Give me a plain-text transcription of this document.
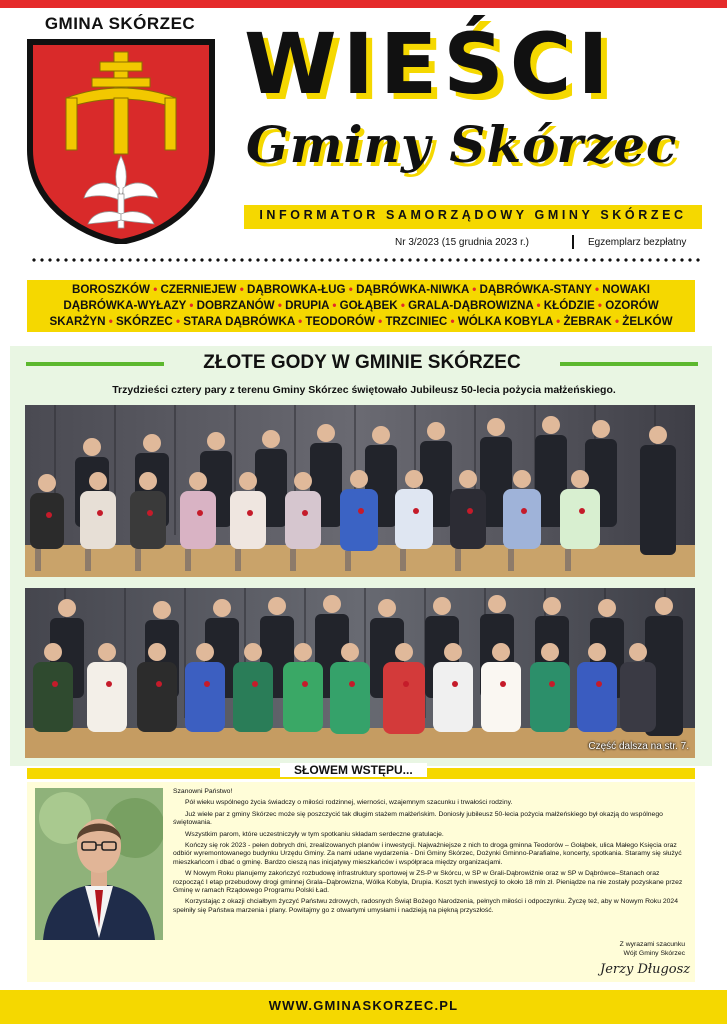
GMINA SKÓRZEC WIEŚCI
Gminy Skórzec
INFORMATOR SAMORZĄDOWY GMINY SKÓRZEC
Nr 3/2023 (15 grudnia 2023 r.)	Egzemplarz bezpłatny
BOROSZKÓW • CZERNIEJEW • DĄBROWKA-ŁUG • DĄBRÓWKA-NIWKA • DĄBRÓWKA-STANY • NOWAKI
DĄBRÓWKA-WYŁAZY • DOBRZANÓW • DRUPIA • GOŁĄBEK • GRALA-DĄBROWIZNA • KŁÓDZIE • OZORÓW
SKARŻYN • SKÓRZEC • STARA DĄBRÓWKA • TEODORÓW • TRZCINIEC • WÓLKA KOBYLA • ŻEBRAK • ŻELKÓW
ZŁOTE GODY W GMINIE SKÓRZEC
Trzydzieści cztery pary z terenu Gminy Skórzec świętowało Jubileusz 50-lecia pożycia małżeńskiego.
Część dalsza na str. 7.
SŁOWEM WSTĘPU...

Szanowni Państwo!

Pół wieku wspólnego życia świadczy o miłości rodzinnej, wierności, wzajemnym szacunku i trwałości rodziny.

Już wiele par z gminy Skórzec może się poszczycić tak długim stażem małżeńskim. Doniosły jubileusz 50-lecia pożycia małżeńskiego był okazją do wspólnego świętowania.

Wszystkim parom, które uczestniczyły w tym spotkaniu składam serdeczne gratulacje.

Kończy się rok 2023 - pełen dobrych dni, zrealizowanych planów i inwestycji. Najważniejsze z nich to droga gminna Teodorów – Gołąbek, ulica Małego Księcia oraz odbiór wyremontowanego budynku Urzędu Gminy. Za nami udane wydarzenia - Dni Gminy Skórzec, Dożynki Gminno-Parafialne, koncerty, spotkania. Staramy się służyć mieszkańcom i dbać o gminę. Bardzo cieszą nas inicjatywy mieszkańców i współpraca między organizacjami.

W Nowym Roku planujemy zakończyć rozbudowę infrastruktury sportowej w ZS-P w Skórcu, w SP w Grali-Dąbrowiźnie oraz w SP w Dąbrówce–Stanach oraz rozpocząć I etap przebudowy drogi gminnej Grala–Dąbrowizna, Wólka Kobyla, Drupia. Koszt tych inwestycji to około 18 mln zł. Pieniądze na nie zostały pozyskane przez Gminę w ramach Rządowego Programu Polski Ład.

Korzystając z okazji chciałbym życzyć Państwu zdrowych, radosnych Świąt Bożego Narodzenia, pełnych miłości i odpoczynku. Życzę też, aby w Nowym Roku 2024 spełniły się Państwa marzenia i plany. Powitajmy go z otwartymi umysłami i nadzieją na piękną przyszłość.

Z wyrazami szacunku
Wójt Gminy Skórzec
Jerzy Długosz
WWW.GMINASKORZEC.PL
